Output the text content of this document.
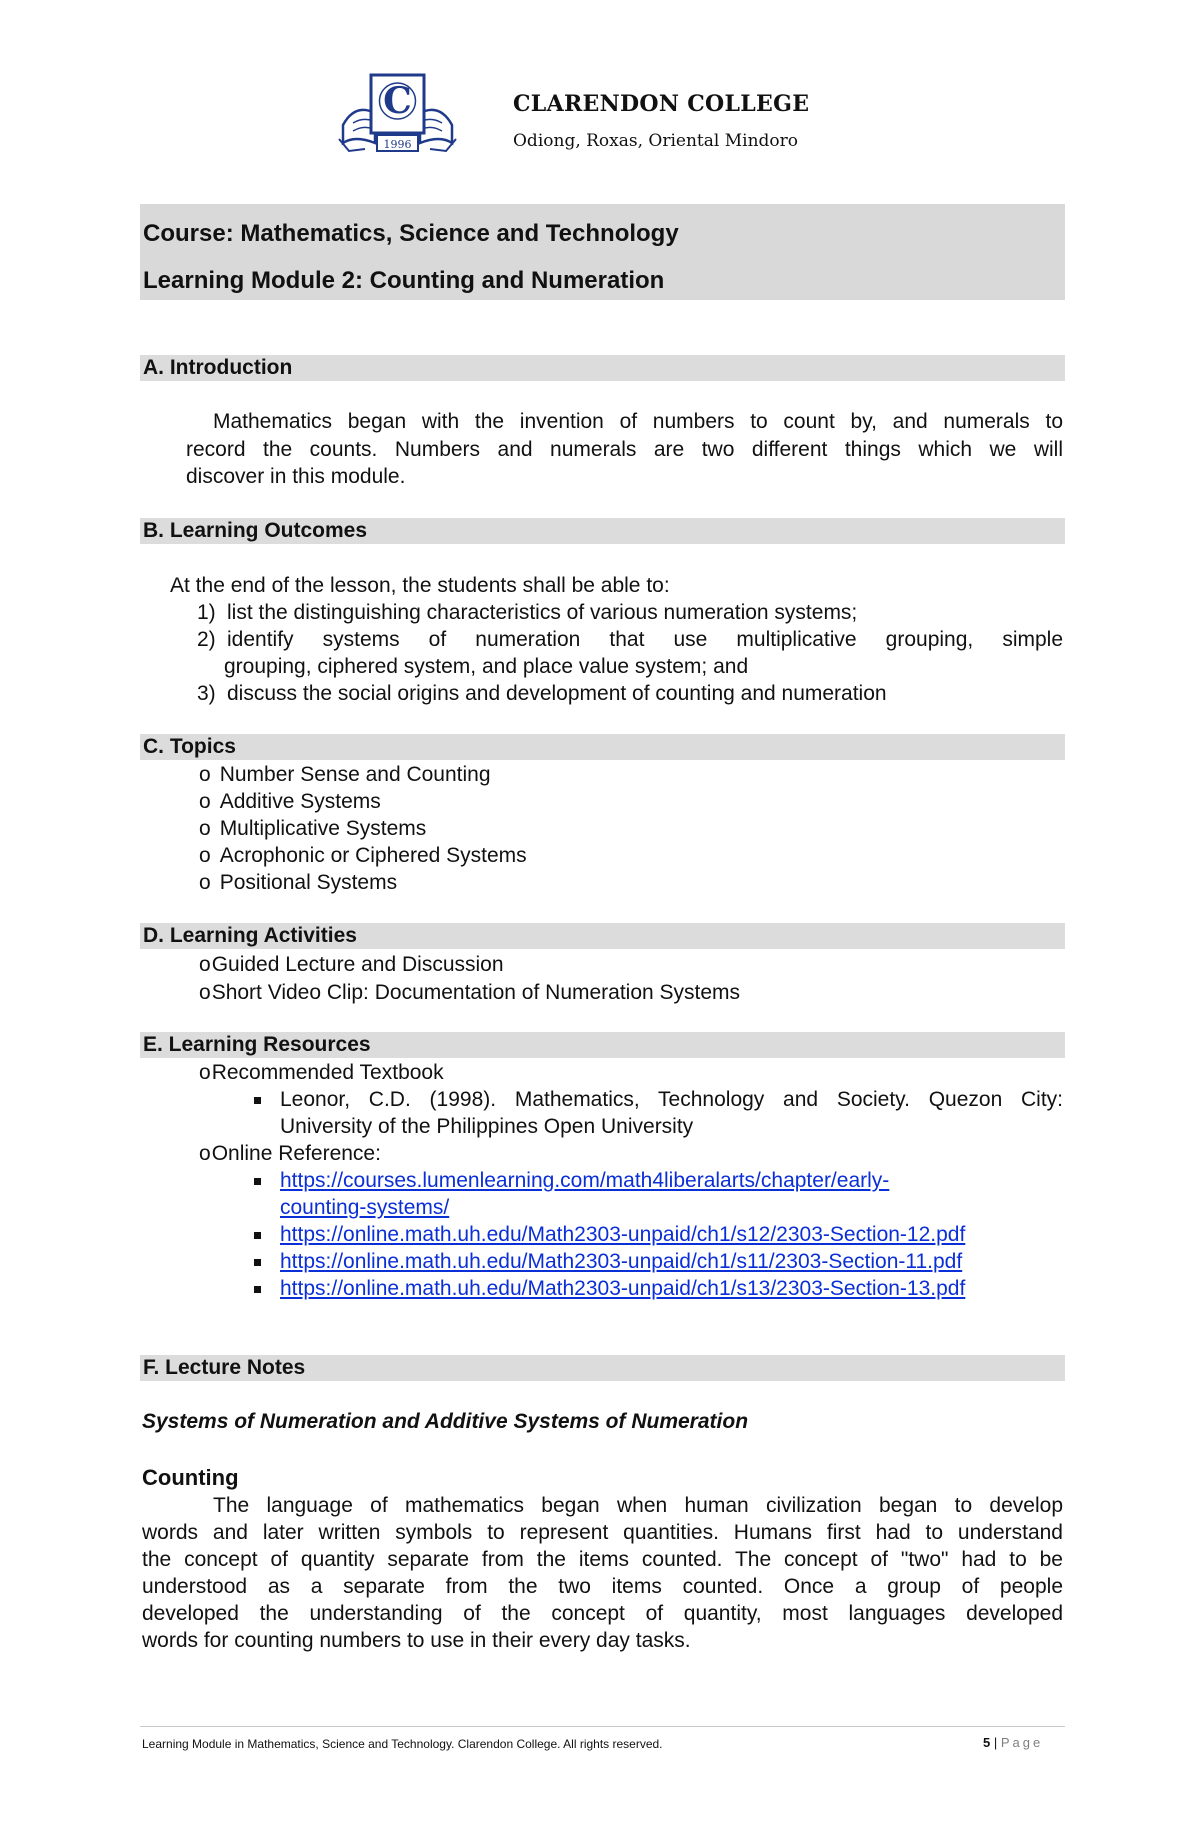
C
1996
CLARENDON COLLEGE
Odiong, Roxas, Oriental Mindoro
Course: Mathematics, Science and Technology
Learning Module 2: Counting and Numeration
A. Introduction
Mathematics began with the invention of numbers to count by, and numerals to
record the counts. Numbers and numerals are two different things which we will
discover in this module.
B. Learning Outcomes
At the end of the lesson, the students shall be able to:
1) list the distinguishing characteristics of various numeration systems;
2) identify systems of numeration that use multiplicative grouping, simple
grouping, ciphered system, and place value system; and
3) discuss the social origins and development of counting and numeration
C. Topics
o Number Sense and Counting
o Additive Systems
o Multiplicative Systems
o Acrophonic or Ciphered Systems
o Positional Systems
D. Learning Activities
oGuided Lecture and Discussion
oShort Video Clip: Documentation of Numeration Systems
E. Learning Resources
oRecommended Textbook
Leonor, C.D. (1998). Mathematics, Technology and Society. Quezon City:
University of the Philippines Open University
oOnline Reference:
https://courses.lumenlearning.com/math4liberalarts/chapter/early-
counting-systems/
https://online.math.uh.edu/Math2303-unpaid/ch1/s12/2303-Section-12.pdf
https://online.math.uh.edu/Math2303-unpaid/ch1/s11/2303-Section-11.pdf
https://online.math.uh.edu/Math2303-unpaid/ch1/s13/2303-Section-13.pdf
F. Lecture Notes
Systems of Numeration and Additive Systems of Numeration
Counting
The language of mathematics began when human civilization began to develop
words and later written symbols to represent quantities. Humans first had to understand
the concept of quantity separate from the items counted. The concept of "two" had to be
understood as a separate from the two items counted. Once a group of people
developed the understanding of the concept of quantity, most languages developed
words for counting numbers to use in their every day tasks.
Learning Module in Mathematics, Science and Technology. Clarendon College. All rights reserved.	5 | Page
